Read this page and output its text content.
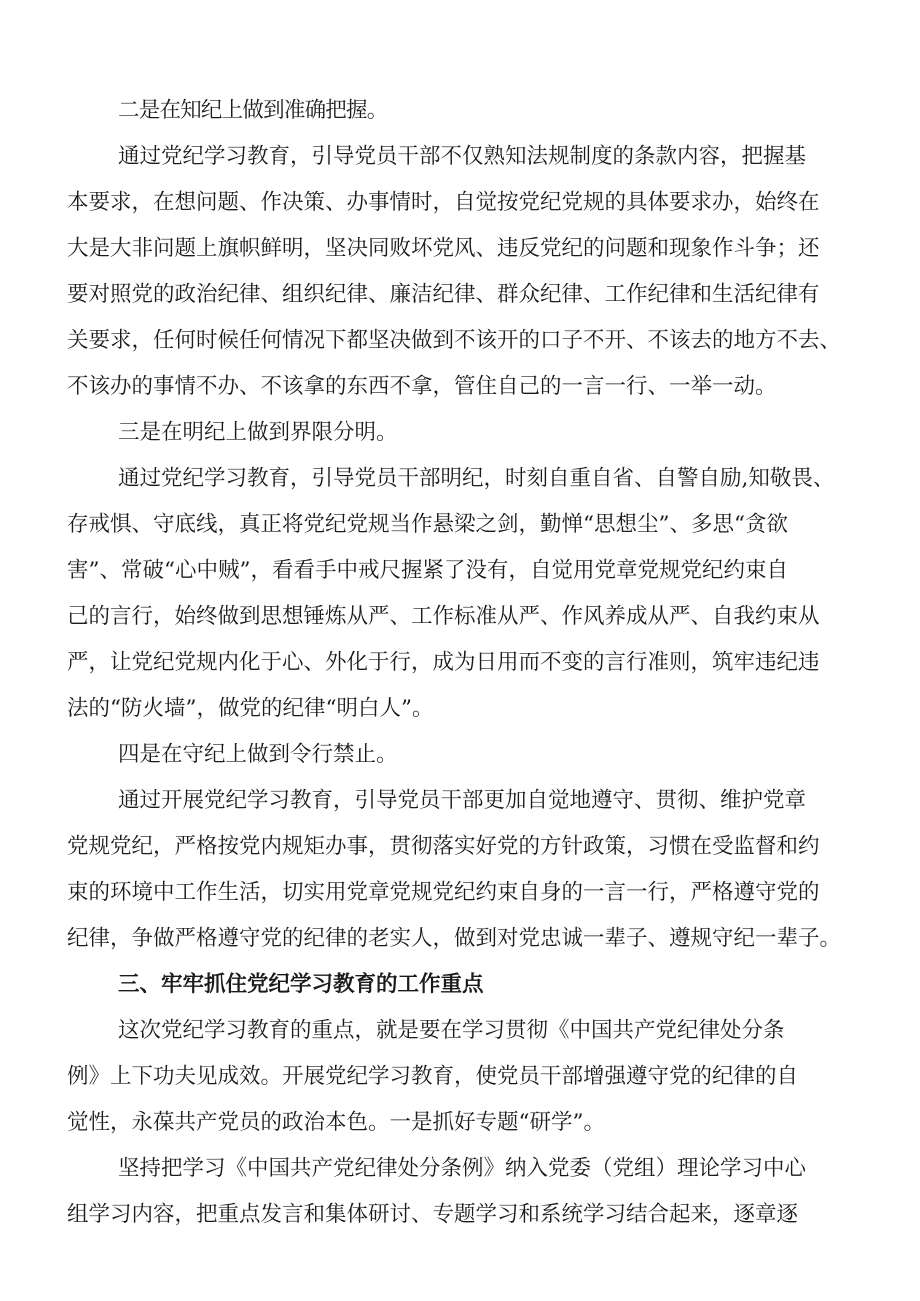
二是在知纪上做到准确把握。
通过党纪学习教育，引导党员干部不仅熟知法规制度的条款内容，把握基
本要求，在想问题、作决策、办事情时，自觉按党纪党规的具体要求办，始终在
大是大非问题上旗帜鲜明，坚决同败坏党风、违反党纪的问题和现象作斗争；还
要对照党的政治纪律、组织纪律、廉洁纪律、群众纪律、工作纪律和生活纪律有
关要求，任何时候任何情况下都坚决做到不该开的口子不开、不该去的地方不去、
不该办的事情不办、不该拿的东西不拿，管住自己的一言一行、一举一动。
三是在明纪上做到界限分明。
通过党纪学习教育，引导党员干部明纪，时刻自重自省、自警自励,知敬畏、
存戒惧、守底线，真正将党纪党规当作悬梁之剑，勤惮“思想尘”、多思“贪欲
害”、常破“心中贼”，看看手中戒尺握紧了没有，自觉用党章党规党纪约束自
己的言行，始终做到思想锤炼从严、工作标准从严、作风养成从严、自我约束从
严，让党纪党规内化于心、外化于行，成为日用而不变的言行准则，筑牢违纪违
法的“防火墙”，做党的纪律“明白人”。
四是在守纪上做到令行禁止。
通过开展党纪学习教育，引导党员干部更加自觉地遵守、贯彻、维护党章
党规党纪，严格按党内规矩办事，贯彻落实好党的方针政策，习惯在受监督和约
束的环境中工作生活，切实用党章党规党纪约束自身的一言一行，严格遵守党的
纪律，争做严格遵守党的纪律的老实人，做到对党忠诚一辈子、遵规守纪一辈子。
三、牢牢抓住党纪学习教育的工作重点
这次党纪学习教育的重点，就是要在学习贯彻《中国共产党纪律处分条
例》上下功夫见成效。开展党纪学习教育，使党员干部增强遵守党的纪律的自
觉性，永葆共产党员的政治本色。一是抓好专题“研学”。
坚持把学习《中国共产党纪律处分条例》纳入党委（党组）理论学习中心
组学习内容，把重点发言和集体研讨、专题学习和系统学习结合起来，逐章逐
